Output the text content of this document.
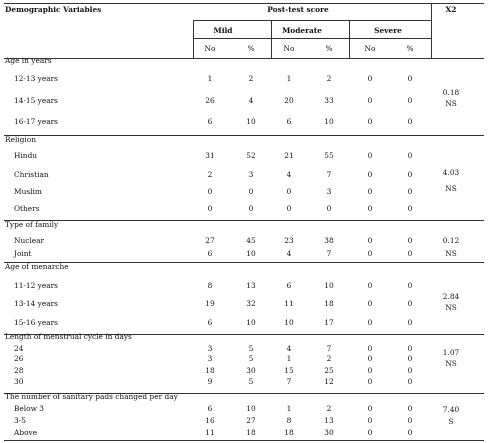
Demographic Variables	Post-test score	X2
Mild	Moderate	Severe
No	%	No	%	No	%
Age in years
12-13 years	1	2	1	2	0	0
14-15 years	26	4	20	33	0	0
16-17 years	6	10	6	10	0	0
0.18
NS
Religion
Hindu	31	52	21	55	0	0
Christian	2	3	4	7	0	0
Muslim	0	0	0	3	0	0
Others	0	0	0	0	0	0
4.03
NS
Type of family
Nuclear	27	45	23	38	0	0
Joint	6	10	4	7	0	0
0.12
NS
Age of menarche
11-12 years	8	13	6	10	0	0
13-14 years	19	32	11	18	0	0
15-16 years	6	10	10	17	0	0
2.84
NS
Length of menstrual cycle in days
24	3	5	4	7	0	0
26	3	5	1	2	0	0
28	18	30	15	25	0	0
30	9	5	7	12	0	0
1.07
NS
The number of sanitary pads changed per day
Below 3	6	10	1	2	0	0
3-5	16	27	8	13	0	0
Above	11	18	18	30	0	0
7.40
S
